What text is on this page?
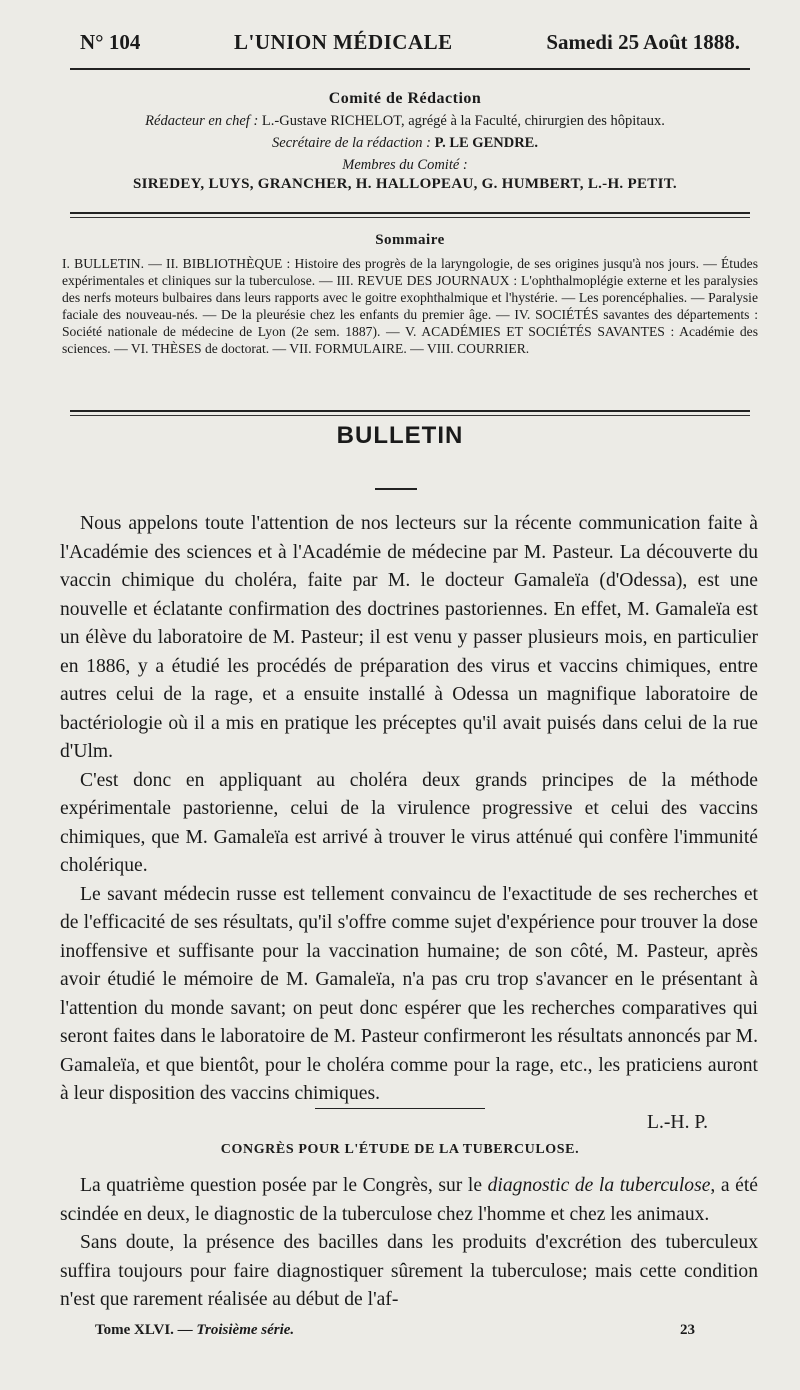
N° 104	L'UNION MÉDICALE	Samedi 25 Août 1888.
Comité de Rédaction
Rédacteur en chef : L.-Gustave RICHELOT, agrégé à la Faculté, chirurgien des hôpitaux.
Secrétaire de la rédaction : P. LE GENDRE.
Membres du Comité :
SIREDEY, LUYS, GRANCHER, H. HALLOPEAU, G. HUMBERT, L.-H. PETIT.
Sommaire

I. BULLETIN. — II. BIBLIOTHÈQUE : Histoire des progrès de la laryngologie, de ses origines jusqu'à nos jours. — Études expérimentales et cliniques sur la tuberculose. — III. REVUE DES JOURNAUX : L'ophthalmoplégie externe et les paralysies des nerfs moteurs bulbaires dans leurs rapports avec le goitre exophthalmique et l'hystérie. — Les porencéphalies. — Paralysie faciale des nouveau-nés. — De la pleurésie chez les enfants du premier âge. — IV. SOCIÉTÉS savantes des départements : Société nationale de médecine de Lyon (2e sem. 1887). — V. ACADÉMIES ET SOCIÉTÉS SAVANTES : Académie des sciences. — VI. THÈSES de doctorat. — VII. FORMULAIRE. — VIII. COURRIER.

BULLETIN

Nous appelons toute l'attention de nos lecteurs sur la récente communication faite à l'Académie des sciences et à l'Académie de médecine par M. Pasteur. La découverte du vaccin chimique du choléra, faite par M. le docteur Gamaleïa (d'Odessa), est une nouvelle et éclatante confirmation des doctrines pastoriennes. En effet, M. Gamaleïa est un élève du laboratoire de M. Pasteur; il est venu y passer plusieurs mois, en particulier en 1886, y a étudié les procédés de préparation des virus et vaccins chimiques, entre autres celui de la rage, et a ensuite installé à Odessa un magnifique laboratoire de bactériologie où il a mis en pratique les préceptes qu'il avait puisés dans celui de la rue d'Ulm.

C'est donc en appliquant au choléra deux grands principes de la méthode expérimentale pastorienne, celui de la virulence progressive et celui des vaccins chimiques, que M. Gamaleïa est arrivé à trouver le virus atténué qui confère l'immunité cholérique.

Le savant médecin russe est tellement convaincu de l'exactitude de ses recherches et de l'efficacité de ses résultats, qu'il s'offre comme sujet d'expérience pour trouver la dose inoffensive et suffisante pour la vaccination humaine; de son côté, M. Pasteur, après avoir étudié le mémoire de M. Gamaleïa, n'a pas cru trop s'avancer en le présentant à l'attention du monde savant; on peut donc espérer que les recherches comparatives qui seront faites dans le laboratoire de M. Pasteur confirmeront les résultats annoncés par M. Gamaleïa, et que bientôt, pour le choléra comme pour la rage, etc., les praticiens auront à leur disposition des vaccins chimiques.

L.-H. P.

CONGRÈS POUR L'ÉTUDE DE LA TUBERCULOSE.

La quatrième question posée par le Congrès, sur le diagnostic de la tuberculose, a été scindée en deux, le diagnostic de la tuberculose chez l'homme et chez les animaux.

Sans doute, la présence des bacilles dans les produits d'excrétion des tuberculeux suffira toujours pour faire diagnostiquer sûrement la tuberculose; mais cette condition n'est que rarement réalisée au début de l'af-

Tome XLVI. — Troisième série.	23
